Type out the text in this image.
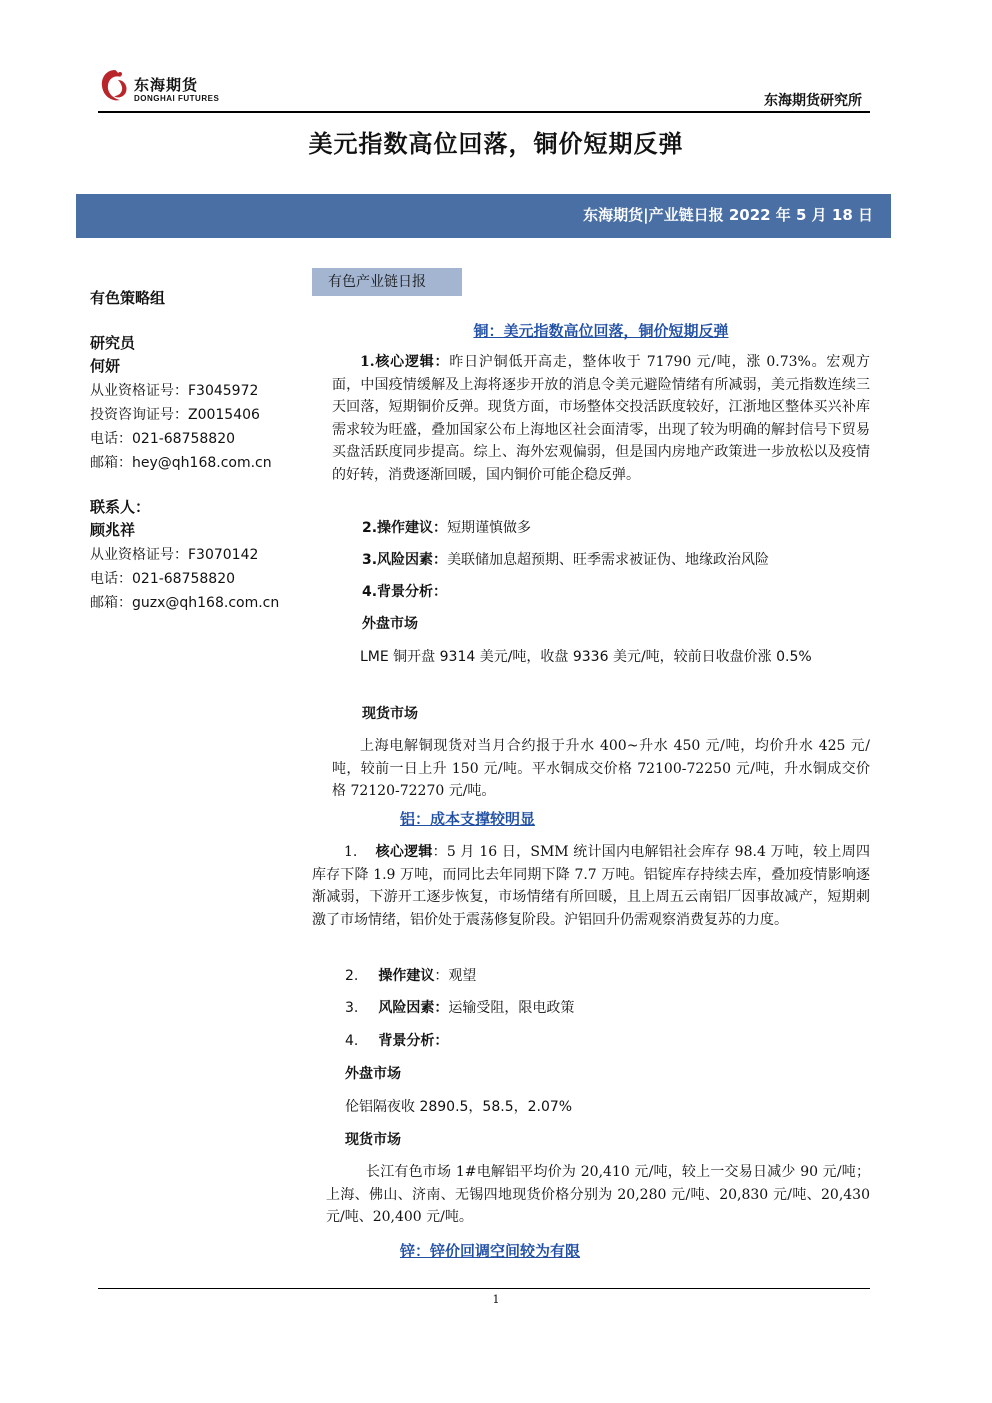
东海期货
DONGHAI FUTURES	东海期货研究所
美元指数高位回落，铜价短期反弹
东海期货|产业链日报 2022 年 5 月 18 日
有色策略组
研究员
何妍
从业资格证号：F3045972
投资咨询证号：Z0015406
电话：021-68758820
邮箱：hey@qh168.com.cn
联系人：
顾兆祥
从业资格证号：F3070142
电话：021-68758820
邮箱：guzx@qh168.com.cn
有色产业链日报
铜：美元指数高位回落，铜价短期反弹
1.核心逻辑：昨日沪铜低开高走，整体收于 71790 元/吨，涨 0.73%。宏观方面，中国疫情缓解及上海将逐步开放的消息令美元避险情绪有所减弱，美元指数连续三天回落，短期铜价反弹。现货方面，市场整体交投活跃度较好，江浙地区整体买兴补库需求较为旺盛，叠加国家公布上海地区社会面清零，出现了较为明确的解封信号下贸易买盘活跃度同步提高。综上、海外宏观偏弱，但是国内房地产政策进一步放松以及疫情的好转，消费逐渐回暖，国内铜价可能企稳反弹。
2.操作建议：短期谨慎做多
3.风险因素：美联储加息超预期、旺季需求被证伪、地缘政治风险
4.背景分析：
外盘市场
LME 铜开盘 9314 美元/吨，收盘 9336 美元/吨，较前日收盘价涨 0.5%
现货市场
上海电解铜现货对当月合约报于升水 400~升水 450 元/吨，均价升水 425 元/吨，较前一日上升 150 元/吨。平水铜成交价格 72100-72250 元/吨，升水铜成交价格 72120-72270 元/吨。
铝：成本支撑较明显
1. 核心逻辑：5 月 16 日，SMM 统计国内电解铝社会库存 98.4 万吨，较上周四库存下降 1.9 万吨，而同比去年同期下降 7.7 万吨。铝锭库存持续去库，叠加疫情影响逐渐减弱，下游开工逐步恢复，市场情绪有所回暖，且上周五云南铝厂因事故减产，短期刺激了市场情绪，铝价处于震荡修复阶段。沪铝回升仍需观察消费复苏的力度。
2. 操作建议：观望
3. 风险因素：运输受阻，限电政策
4. 背景分析：
外盘市场
伦铝隔夜收 2890.5，58.5，2.07%
现货市场
长江有色市场 1#电解铝平均价为 20,410 元/吨，较上一交易日减少 90 元/吨；上海、佛山、济南、无锡四地现货价格分别为 20,280 元/吨、20,830 元/吨、20,430 元/吨、20,400 元/吨。
锌：锌价回调空间较为有限
1
